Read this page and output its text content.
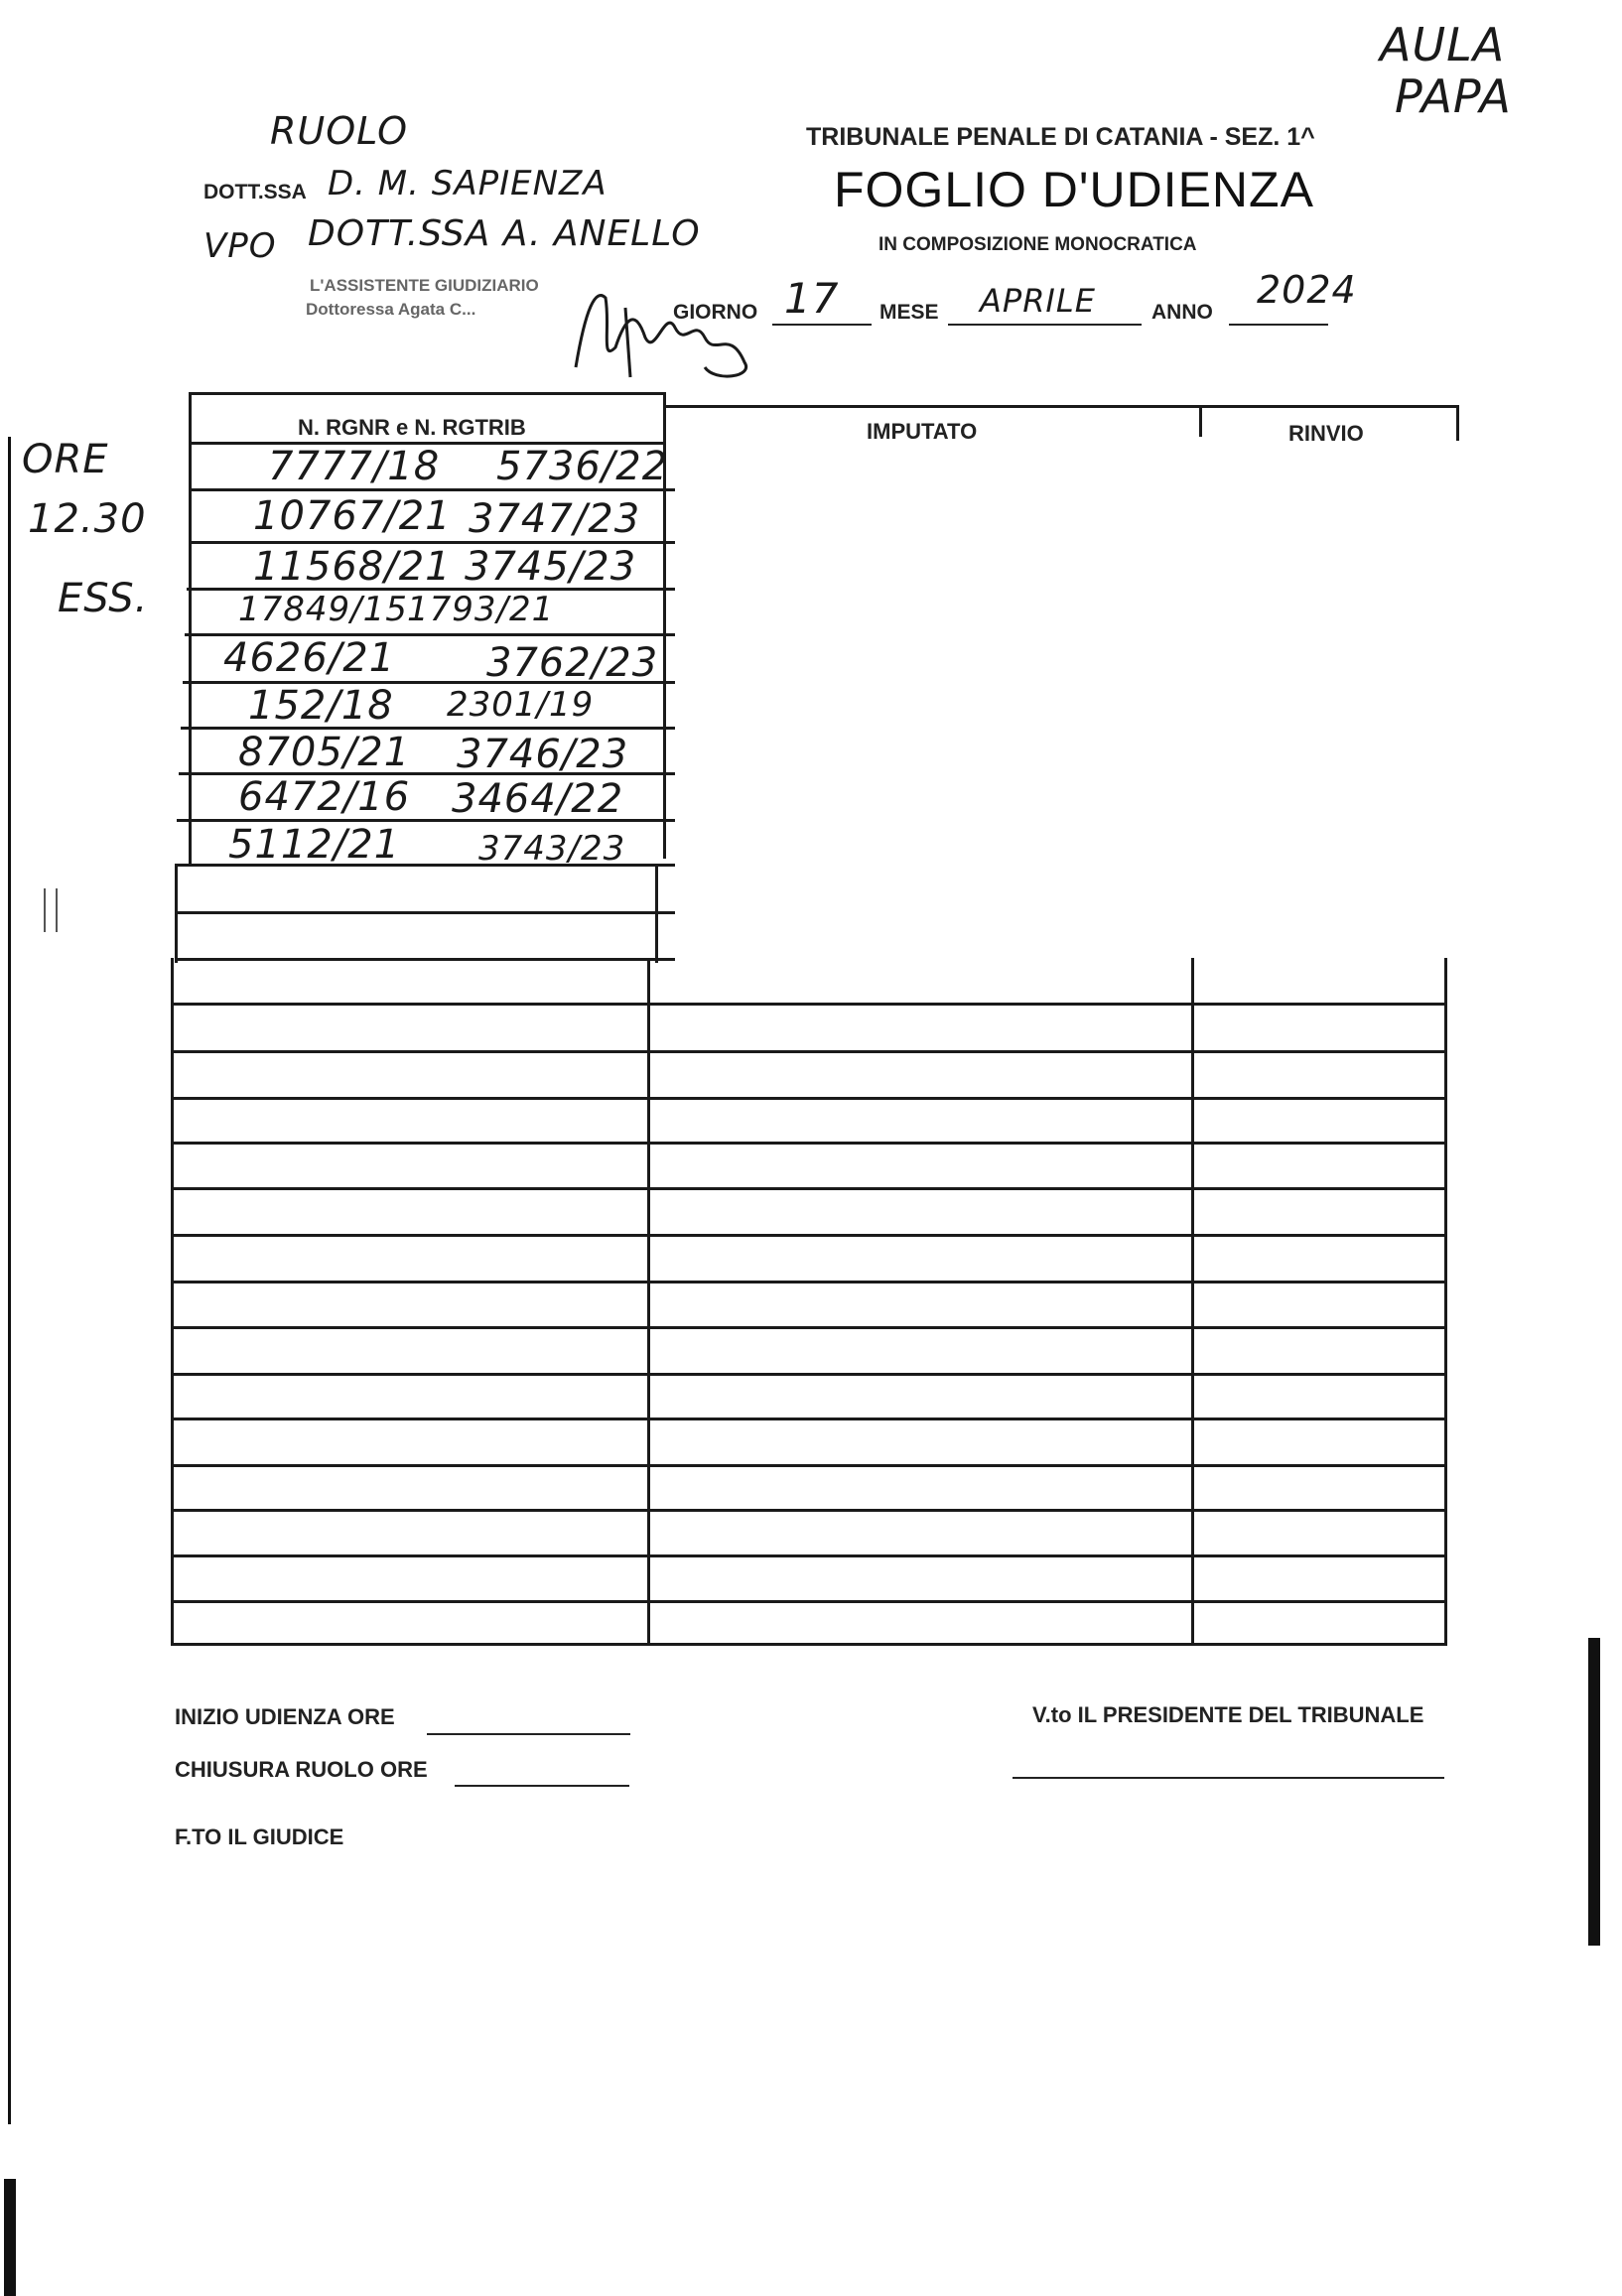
AULA
PAPA
RUOLO
DOTT.SSA D. M. SAPIENZA
VPO DOTT.SSA A. ANELLO
L'ASSISTENTE GIUDIZIARIO
Dottoressa Agata C...
TRIBUNALE PENALE DI CATANIA - SEZ. 1^
FOGLIO D'UDIENZA
IN COMPOSIZIONE MONOCRATICA
GIORNO 17 MESE APRILE	ANNO
2024
ORE
12.30
ESS.
N. RGNR e N. RGTRIB	IMPUTATO	RINVIO
7777/18 5736/22
10767/21 3747/23
11568/21 3745/23
17849/15 1793/21
4626/21 3762/23
152/18 2301/19
8705/21 3746/23
6472/16 3464/22
5112/21 3743/23
INIZIO UDIENZA ORE
CHIUSURA RUOLO ORE
V.to IL PRESIDENTE DEL TRIBUNALE
F.TO IL GIUDICE
